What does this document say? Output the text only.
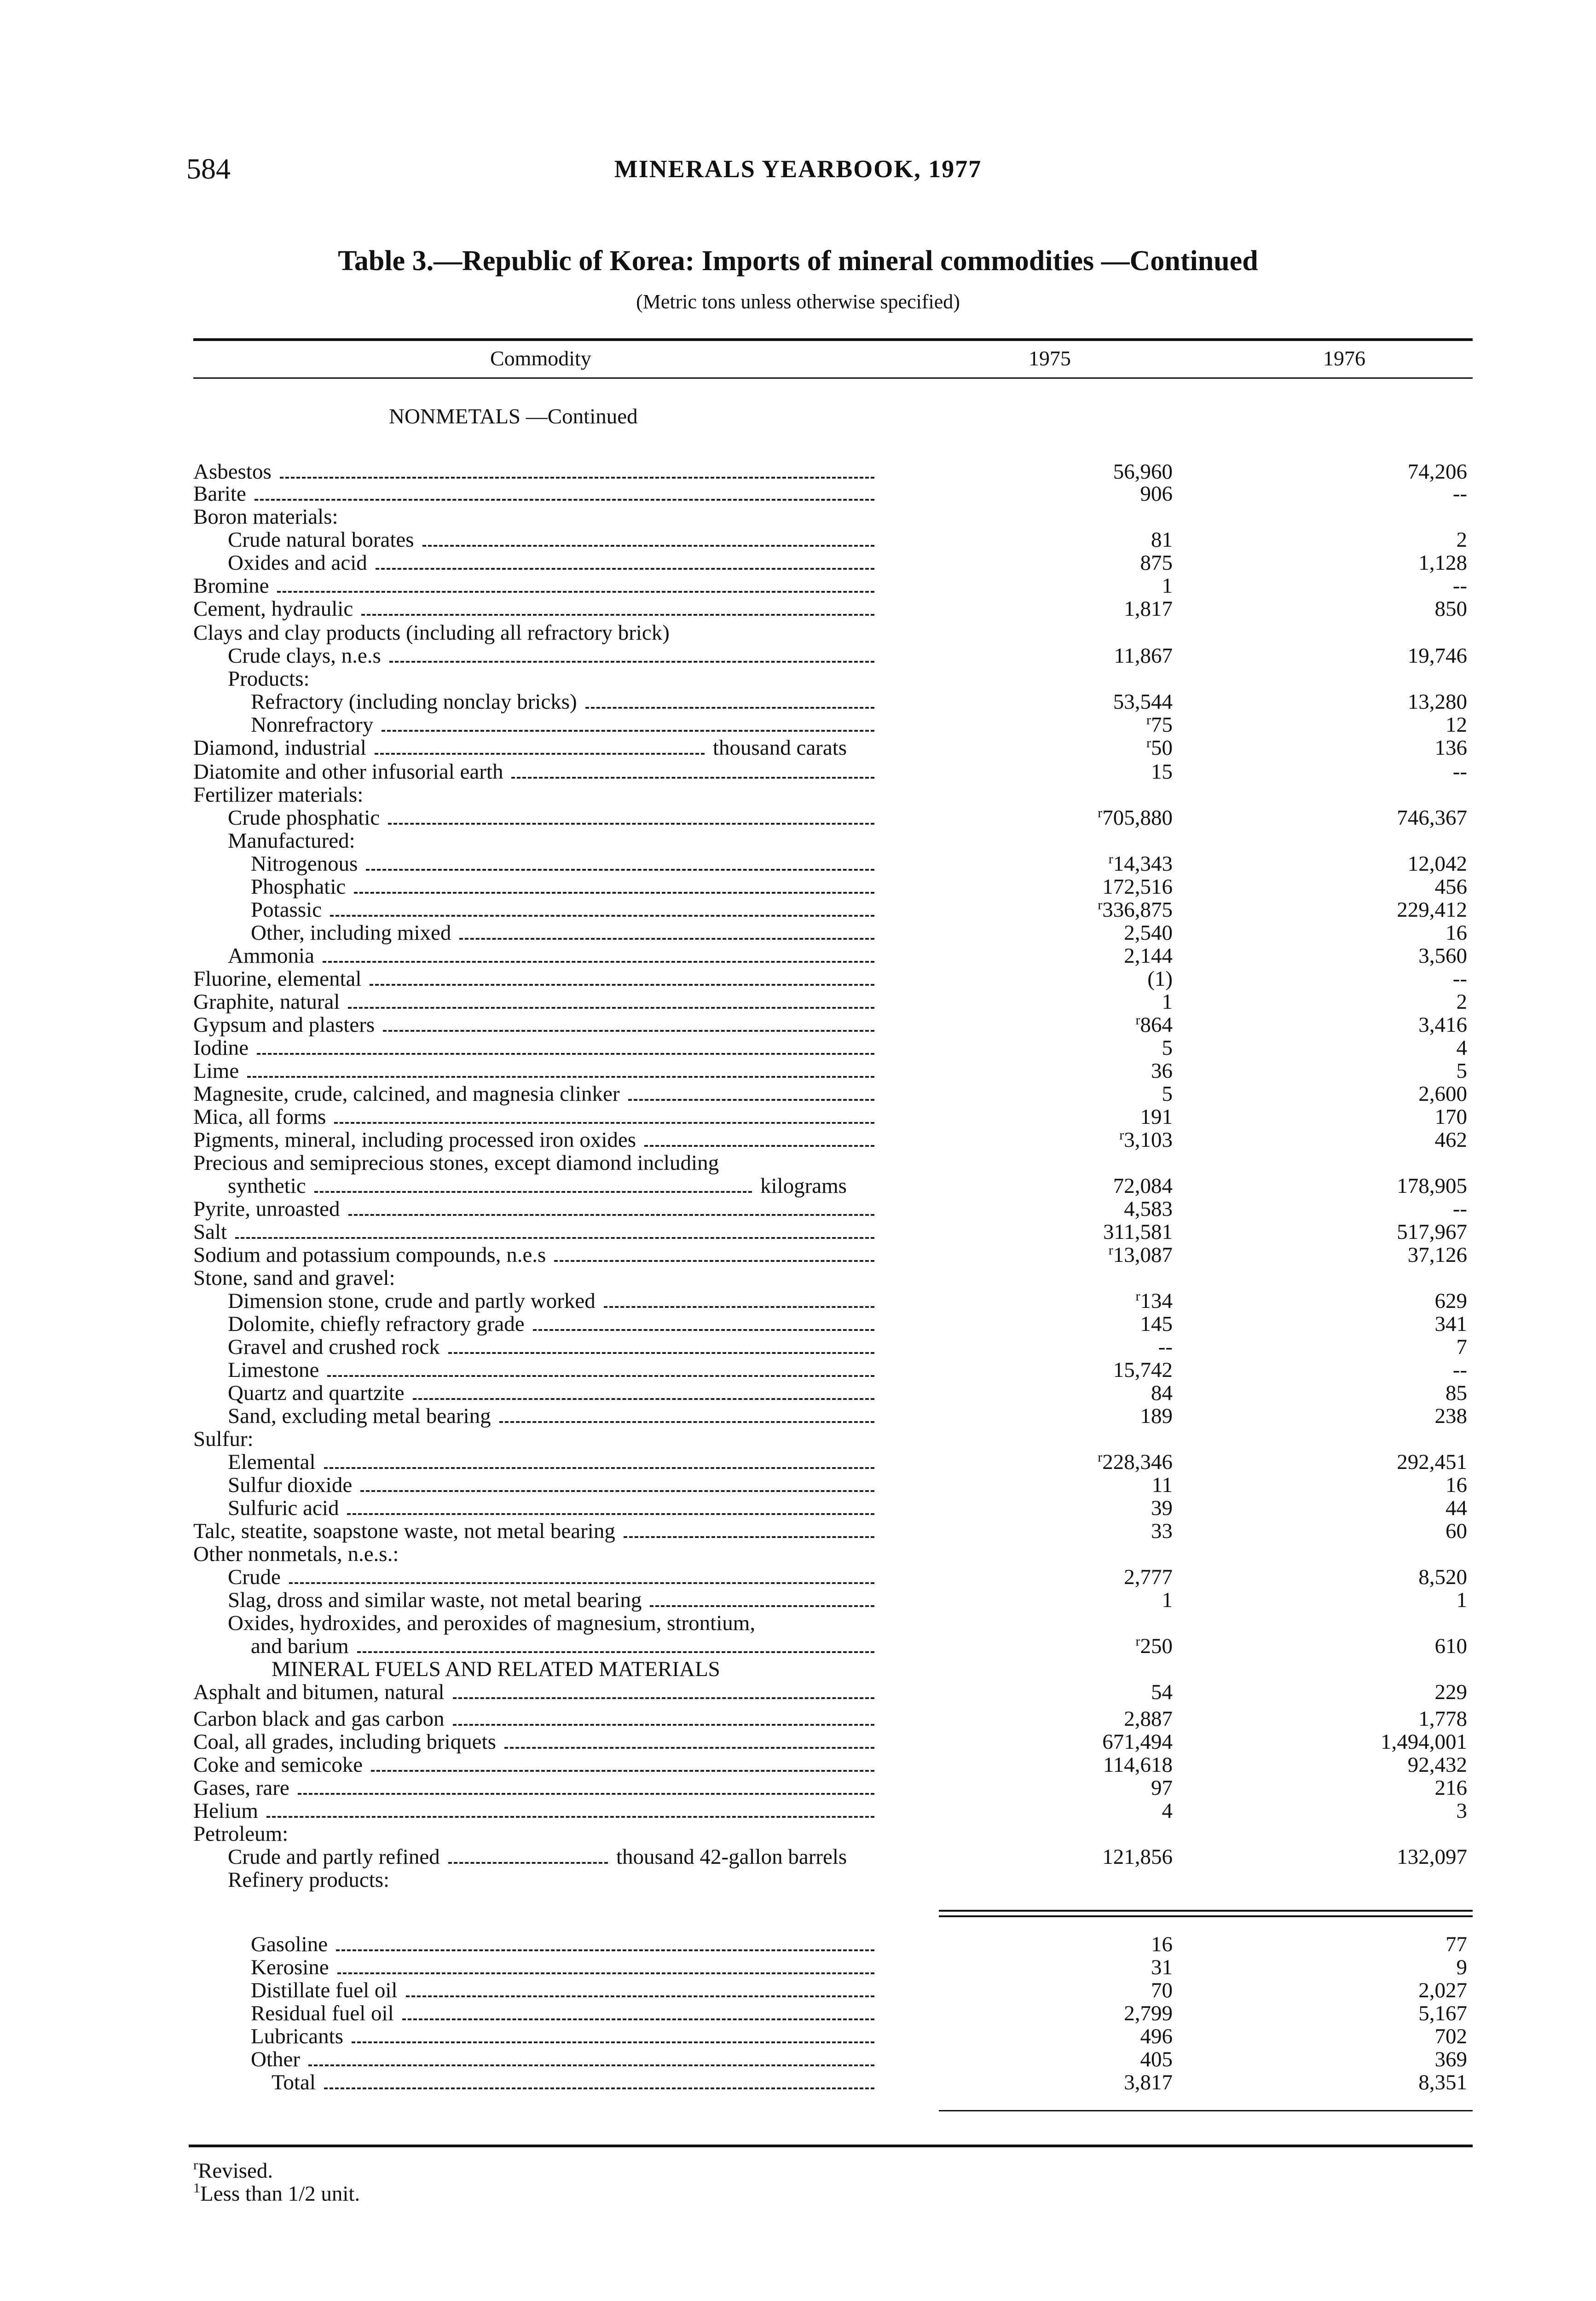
584	MINERALS YEARBOOK, 1977
Table 3.—Republic of Korea: Imports of mineral commodities —Continued
(Metric tons unless otherwise specified)
Commodity	1975	1976
NONMETALS —Continued
Asbestos	56,960	74,206
Barite	906	--
Boron materials:
Crude natural borates	81	2
Oxides and acid	875	1,128
Bromine	1	--
Cement, hydraulic	1,817	850
Clays and clay products (including all refractory brick)
Crude clays, n.e.s	11,867	19,746
Products:
Refractory (including nonclay bricks)	53,544	13,280
Nonrefractory	$^r$75	12
Diamond, industrial	thousand carats	$^r$50	136
Diatomite and other infusorial earth	15	--
Fertilizer materials:
Crude phosphatic	$^r$705,880	746,367
Manufactured:
Nitrogenous	$^r$14,343	12,042
Phosphatic	172,516	456
Potassic	$^r$336,875	229,412
Other, including mixed	2,540	16
Ammonia	2,144	3,560
Fluorine, elemental	(1)	--
Graphite, natural	1	2
Gypsum and plasters	$^r$864	3,416
Iodine	5	4
Lime	36	5
Magnesite, crude, calcined, and magnesia clinker	5	2,600
Mica, all forms	191	170
Pigments, mineral, including processed iron oxides	$^r$3,103	462
Precious and semiprecious stones, except diamond including
synthetic	kilograms	72,084	178,905
Pyrite, unroasted	4,583	--
Salt	311,581	517,967
Sodium and potassium compounds, n.e.s	$^r$13,087	37,126
Stone, sand and gravel:
Dimension stone, crude and partly worked	$^r$134	629
Dolomite, chiefly refractory grade	145	341
Gravel and crushed rock	--	7
Limestone	15,742	--
Quartz and quartzite	84	85
Sand, excluding metal bearing	189	238
Sulfur:
Elemental	$^r$228,346	292,451
Sulfur dioxide	11	16
Sulfuric acid	39	44
Talc, steatite, soapstone waste, not metal bearing	33	60
Other nonmetals, n.e.s.:
Crude	2,777	8,520
Slag, dross and similar waste, not metal bearing	1	1
Oxides, hydroxides, and peroxides of magnesium, strontium,
and barium	$^r$250	610
MINERAL FUELS AND RELATED MATERIALS
Asphalt and bitumen, natural	54	229
Carbon black and gas carbon	2,887	1,778
Coal, all grades, including briquets	671,494	1,494,001
Coke and semicoke	114,618	92,432
Gases, rare	97	216
Helium	4	3
Petroleum:
Crude and partly refined	thousand 42-gallon barrels	121,856	132,097
Refinery products:
Gasoline	16	77
Kerosine	31	9
Distillate fuel oil	70	2,027
Residual fuel oil	2,799	5,167
Lubricants	496	702
Other	405	369
Total	3,817	8,351
$^r$Revised.
$^1$Less than 1/2 unit.
